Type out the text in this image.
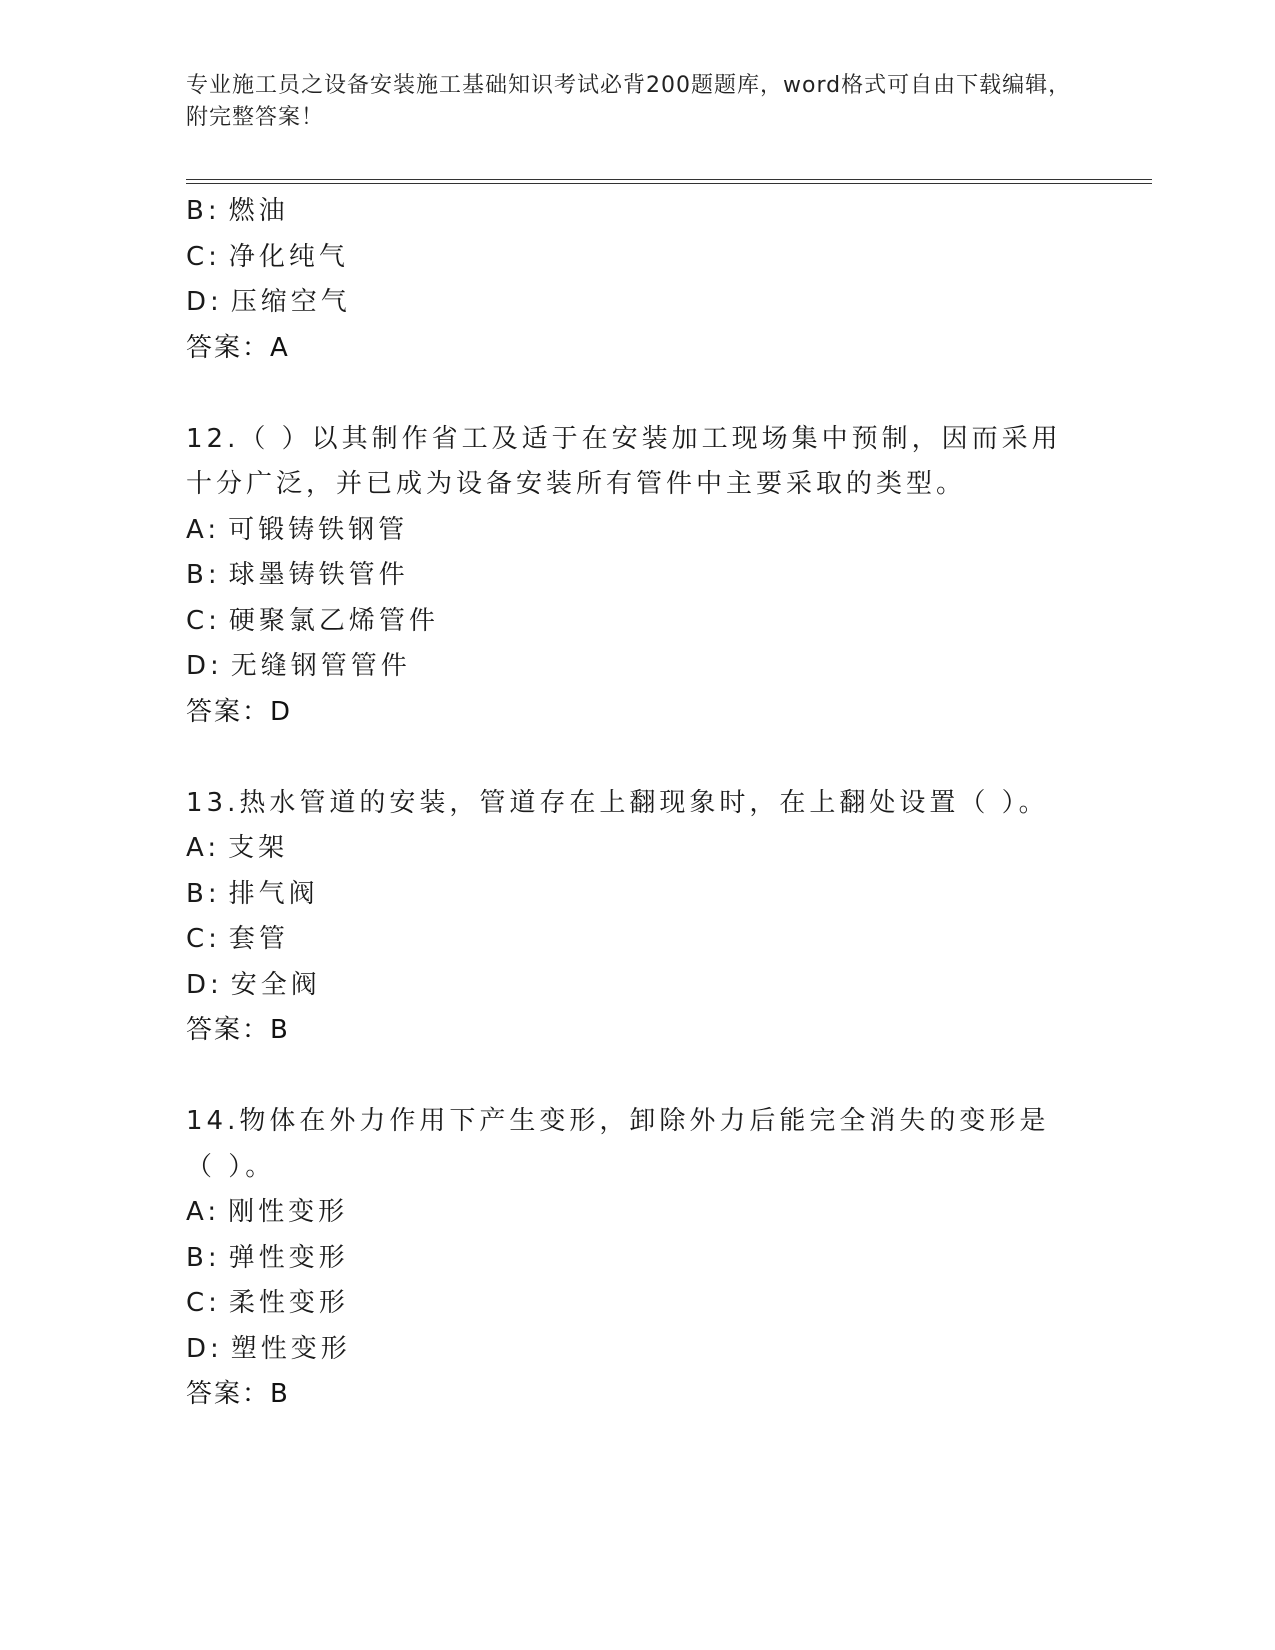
专业施工员之设备安装施工基础知识考试必背200题题库，word格式可自由下载编辑，附完整答案！
B: 燃油
C: 净化纯气
D: 压缩空气
答案：A
12.（ ）以其制作省工及适于在安装加工现场集中预制，因而采用十分广泛，并已成为设备安装所有管件中主要采取的类型。
A: 可锻铸铁钢管
B: 球墨铸铁管件
C: 硬聚氯乙烯管件
D: 无缝钢管管件
答案：D
13.热水管道的安装，管道存在上翻现象时，在上翻处设置（ ）。
A: 支架
B: 排气阀
C: 套管
D: 安全阀
答案：B
14.物体在外力作用下产生变形，卸除外力后能完全消失的变形是（ ）。
A: 刚性变形
B: 弹性变形
C: 柔性变形
D: 塑性变形
答案：B
